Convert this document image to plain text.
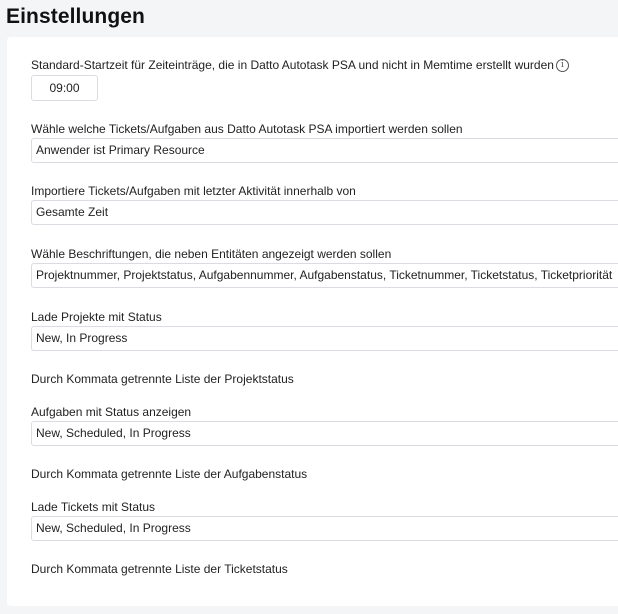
Einstellungen
Standard-Startzeit für Zeiteinträge, die in Datto Autotask PSA und nicht in Memtime erstellt wurden i
09:00
Wähle welche Tickets/Aufgaben aus Datto Autotask PSA importiert werden sollen
Anwender ist Primary Resource
Importiere Tickets/Aufgaben mit letzter Aktivität innerhalb von
Gesamte Zeit
Wähle Beschriftungen, die neben Entitäten angezeigt werden sollen
Projektnummer, Projektstatus, Aufgabennummer, Aufgabenstatus, Ticketnummer, Ticketstatus, Ticketpriorität
Lade Projekte mit Status
New, In Progress
Durch Kommata getrennte Liste der Projektstatus
Aufgaben mit Status anzeigen
New, Scheduled, In Progress
Durch Kommata getrennte Liste der Aufgabenstatus
Lade Tickets mit Status
New, Scheduled, In Progress
Durch Kommata getrennte Liste der Ticketstatus
